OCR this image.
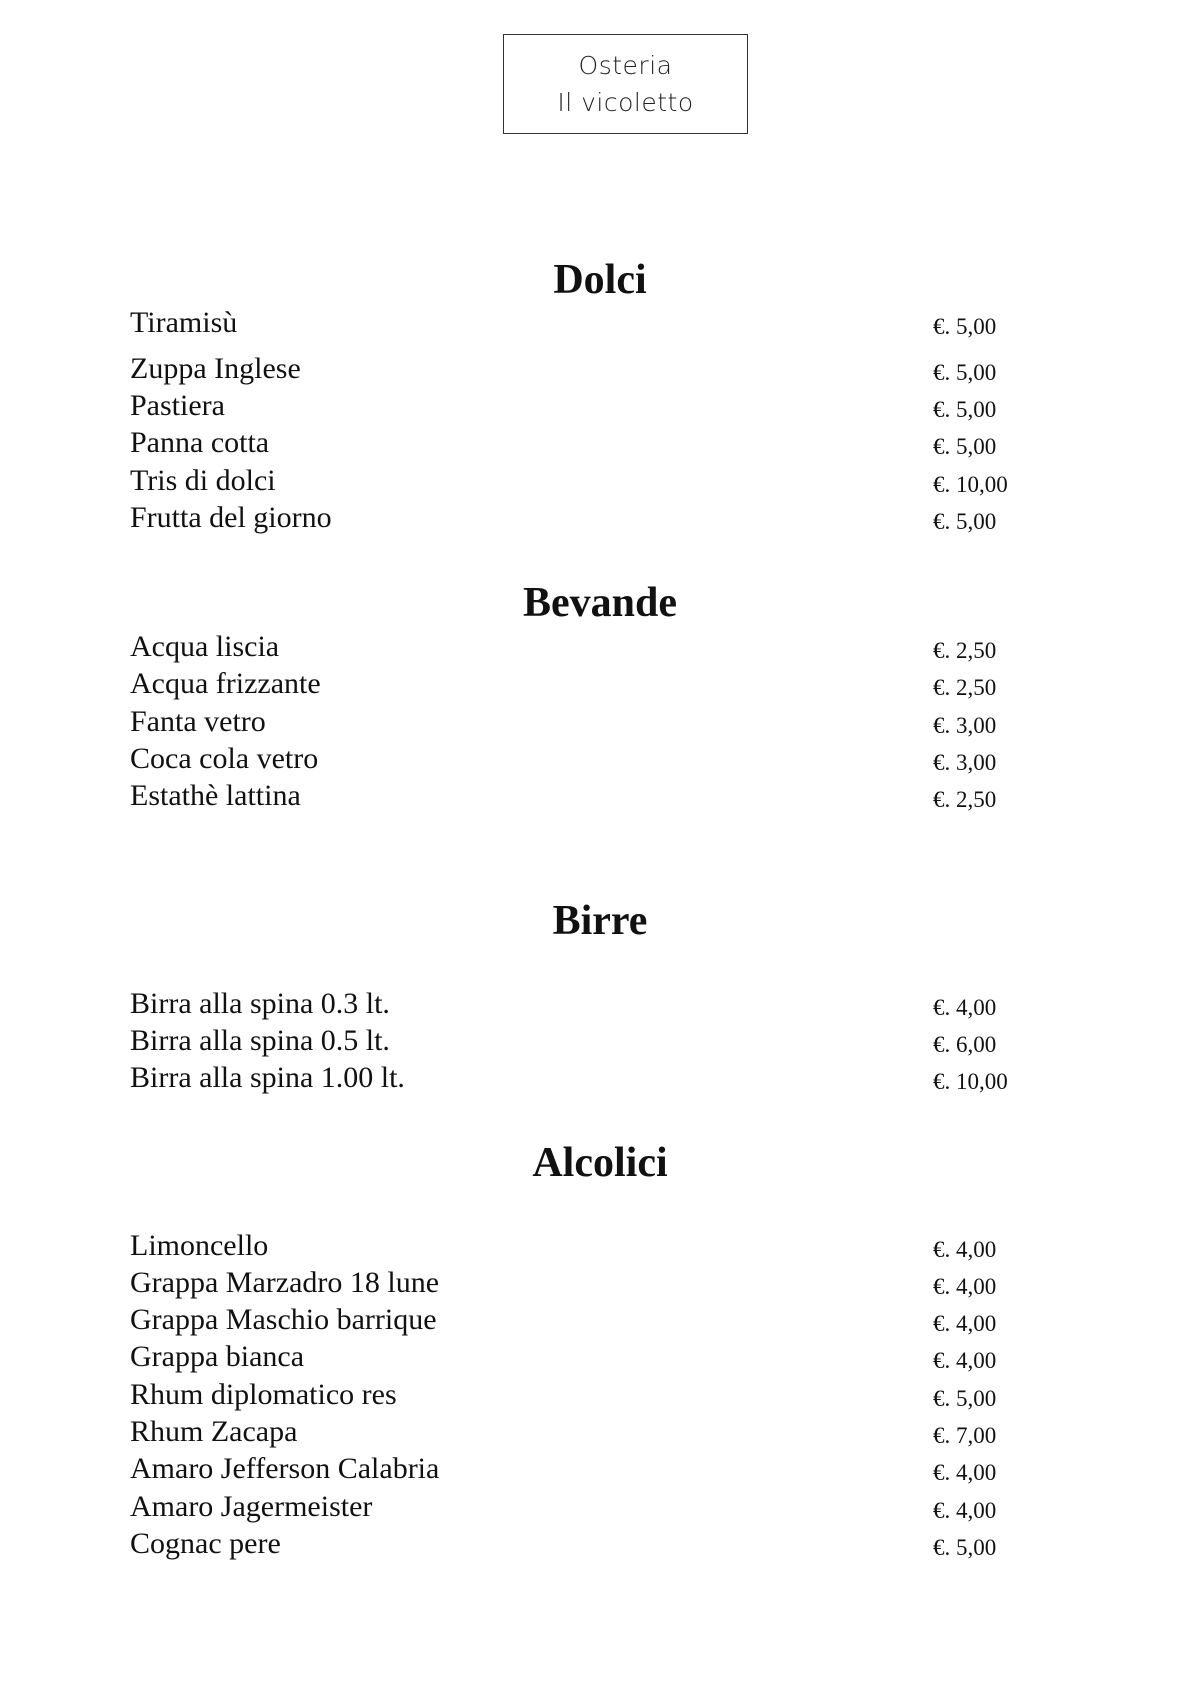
Osteria
Il vicoletto
Dolci
Tiramisù	€. 5,00
Zuppa Inglese	€. 5,00
Pastiera	€. 5,00
Panna cotta	€. 5,00
Tris di dolci	€. 10,00
Frutta del giorno	€. 5,00
Bevande
Acqua liscia	€. 2,50
Acqua frizzante	€. 2,50
Fanta vetro	€. 3,00
Coca cola vetro	€. 3,00
Estathè lattina	€. 2,50
Birre
Birra alla spina 0.3 lt.	€. 4,00
Birra alla spina 0.5 lt.	€. 6,00
Birra alla spina 1.00 lt.	€. 10,00
Alcolici
Limoncello	€. 4,00
Grappa Marzadro 18 lune	€. 4,00
Grappa Maschio barrique	€. 4,00
Grappa bianca	€. 4,00
Rhum diplomatico res	€. 5,00
Rhum Zacapa	€. 7,00
Amaro Jefferson Calabria	€. 4,00
Amaro Jagermeister	€. 4,00
Cognac pere	€. 5,00
